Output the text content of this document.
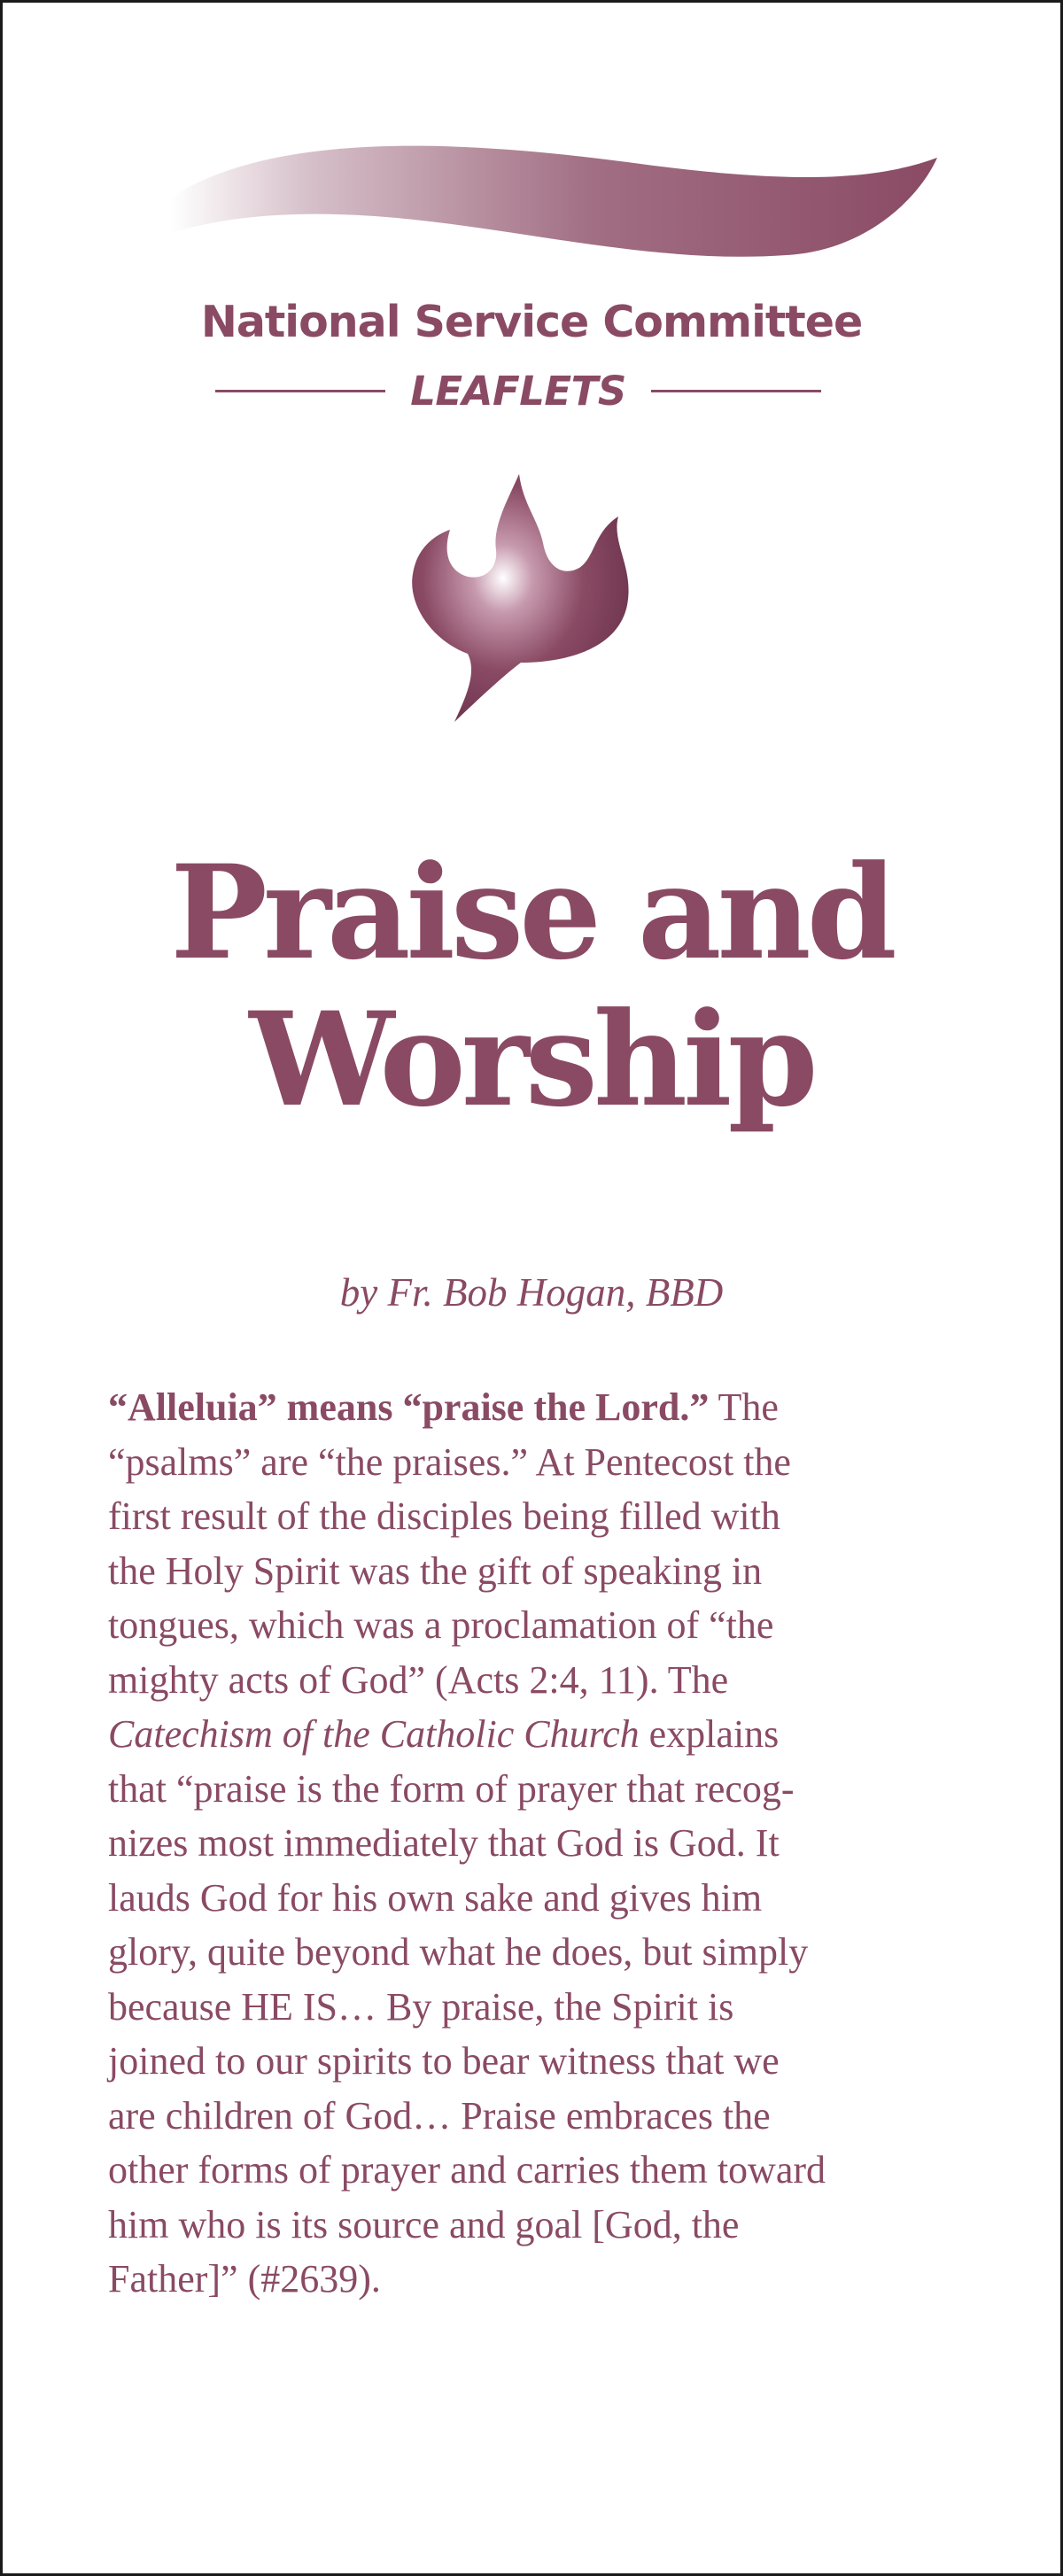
National Service Committee
LEAFLETS
Praise and
Worship
by Fr. Bob Hogan, BBD

“Alleluia” means “praise the Lord.” The
“psalms” are “the praises.” At Pentecost the
first result of the disciples being filled with
the Holy Spirit was the gift of speaking in
tongues, which was a proclamation of “the
mighty acts of God” (Acts 2:4, 11). The
Catechism of the Catholic Church explains
that “praise is the form of prayer that recog-
nizes most immediately that God is God. It
lauds God for his own sake and gives him
glory, quite beyond what he does, but simply
because HE IS… By praise, the Spirit is
joined to our spirits to bear witness that we
are children of God… Praise embraces the
other forms of prayer and carries them toward
him who is its source and goal [God, the
Father]” (#2639).
